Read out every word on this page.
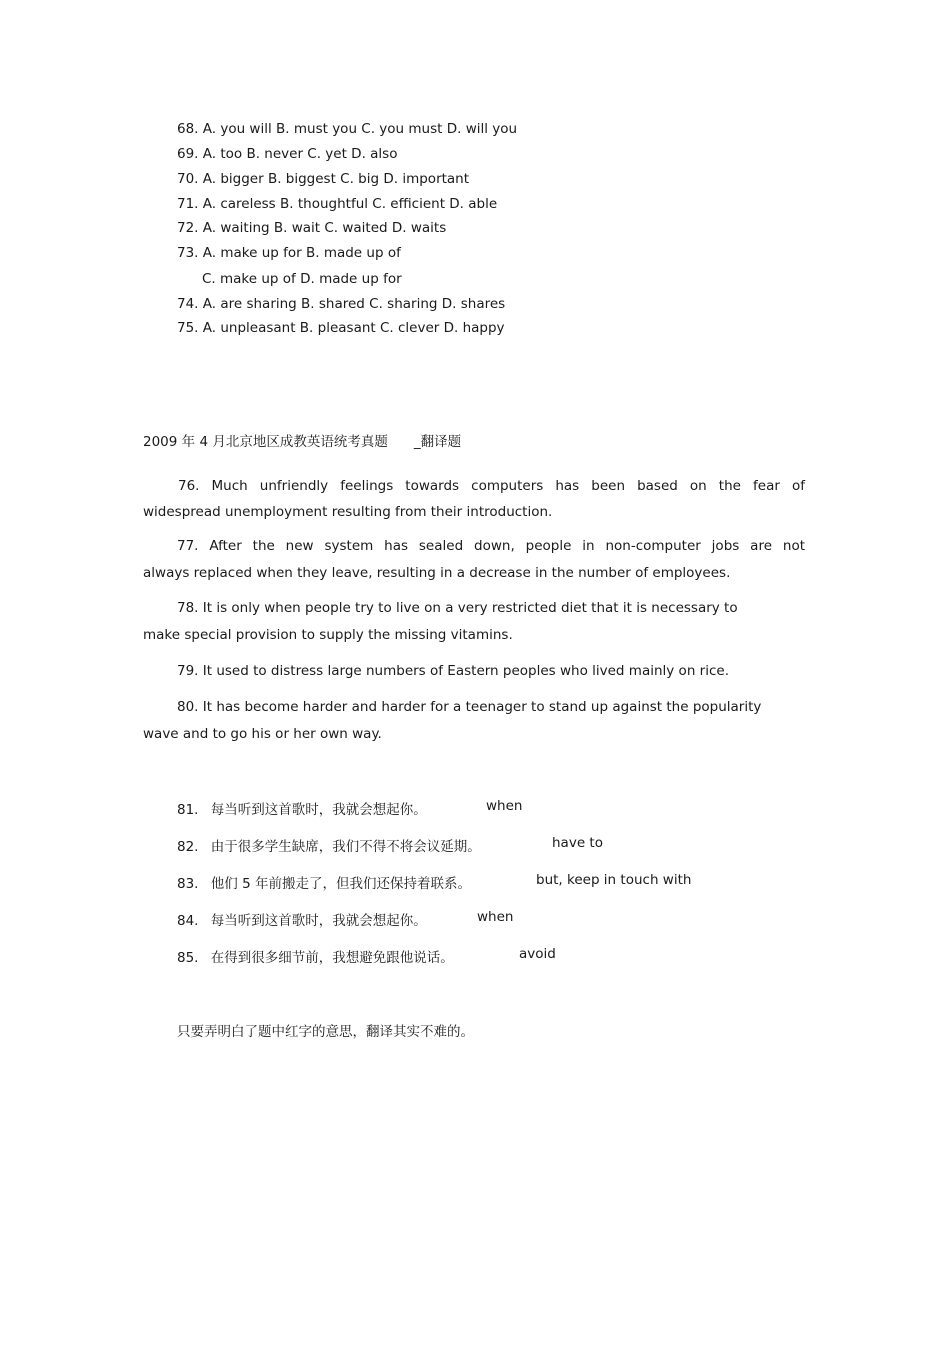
68. A. you will B. must you C. you must D. will you
69. A. too B. never C. yet D. also
70. A. bigger B. biggest C. big D. important
71. A. careless B. thoughtful C. efficient D. able
72. A. waiting B. wait C. waited D. waits
73. A. make up for B. made up of
C. make up of D. made up for
74. A. are sharing B. shared C. sharing D. shares
75. A. unpleasant B. pleasant C. clever D. happy
2009 年 4 月北京地区成教英语统考真题 _翻译题
76. Much unfriendly feelings towards computers has been based on the fear of
widespread unemployment resulting from their introduction.
77. After the new system has sealed down, people in non-computer jobs are not
always replaced when they leave, resulting in a decrease in the number of employees.
78. It is only when people try to live on a very restricted diet that it is necessary to
make special provision to supply the missing vitamins.
79. It used to distress large numbers of Eastern peoples who lived mainly on rice.
80. It has become harder and harder for a teenager to stand up against the popularity
wave and to go his or her own way.
81. 每当听到这首歌时，我就会想起你。	when
82. 由于很多学生缺席，我们不得不将会议延期。	have to
83. 他们 5 年前搬走了，但我们还保持着联系。	but, keep in touch with
84. 每当听到这首歌时，我就会想起你。	when
85. 在得到很多细节前，我想避免跟他说话。	avoid
只要弄明白了题中红字的意思，翻译其实不难的。
